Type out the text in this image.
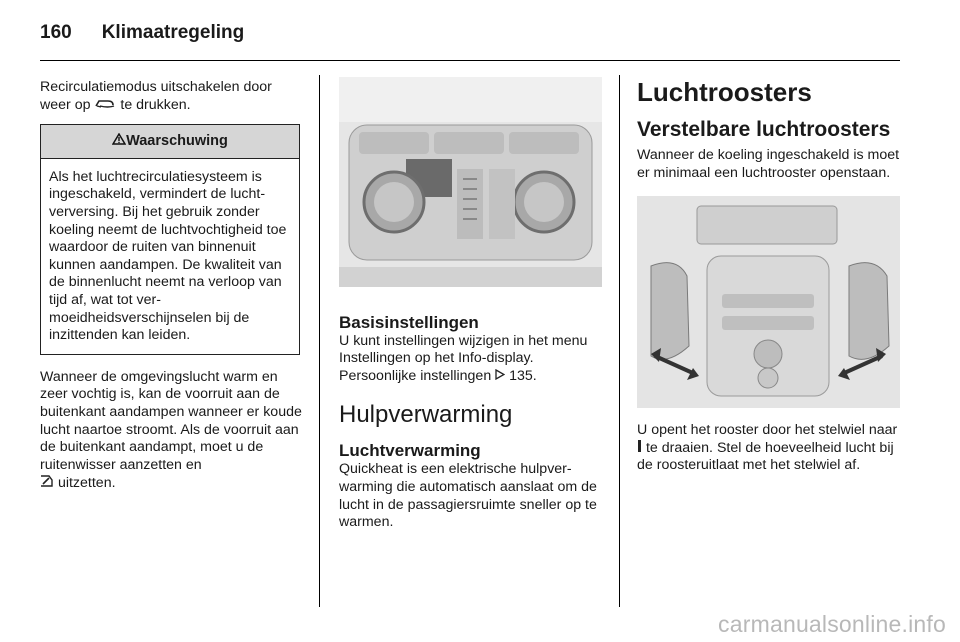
160 Klimaatregeling

Recirculatiemodus uitschakelen door
weer op te drukken.

Waarschuwing
Als het luchtrecirculatiesysteem is ingeschakeld, vermindert de luchtverversing. Bij het gebruik zonder koeling neemt de luchtvochtigheid toe waardoor de ruiten van binnenuit kunnen aandampen. De kwaliteit van de binnenlucht neemt na verloop van tijd af, wat tot vermoeidheidsverschijnselen bij de inzittenden kan leiden.

Wanneer de omgevingslucht warm en zeer vochtig is, kan de voorruit aan de buitenkant aandampen wanneer er koude lucht naartoe stroomt. Als de voorruit aan de buitenkant aandampt, moet u de ruitenwisser aanzetten en
uitzetten.

Basisinstellingen

U kunt instellingen wijzigen in het menu Instellingen op het Info-display. Persoonlijke instellingen 135.

Hulpverwarming

Luchtverwarming

Quickheat is een elektrische hulpverwarming die automatisch aanslaat om de lucht in de passagiersruimte sneller op te warmen.

Luchtroosters

Verstelbare luchtroosters

Wanneer de koeling ingeschakeld is moet er minimaal een luchtrooster openstaan.

U opent het rooster door het stelwiel naar  te draaien. Stel de hoeveelheid lucht bij de roosteruitlaat met het stelwiel af.

carmanualsonline.info
